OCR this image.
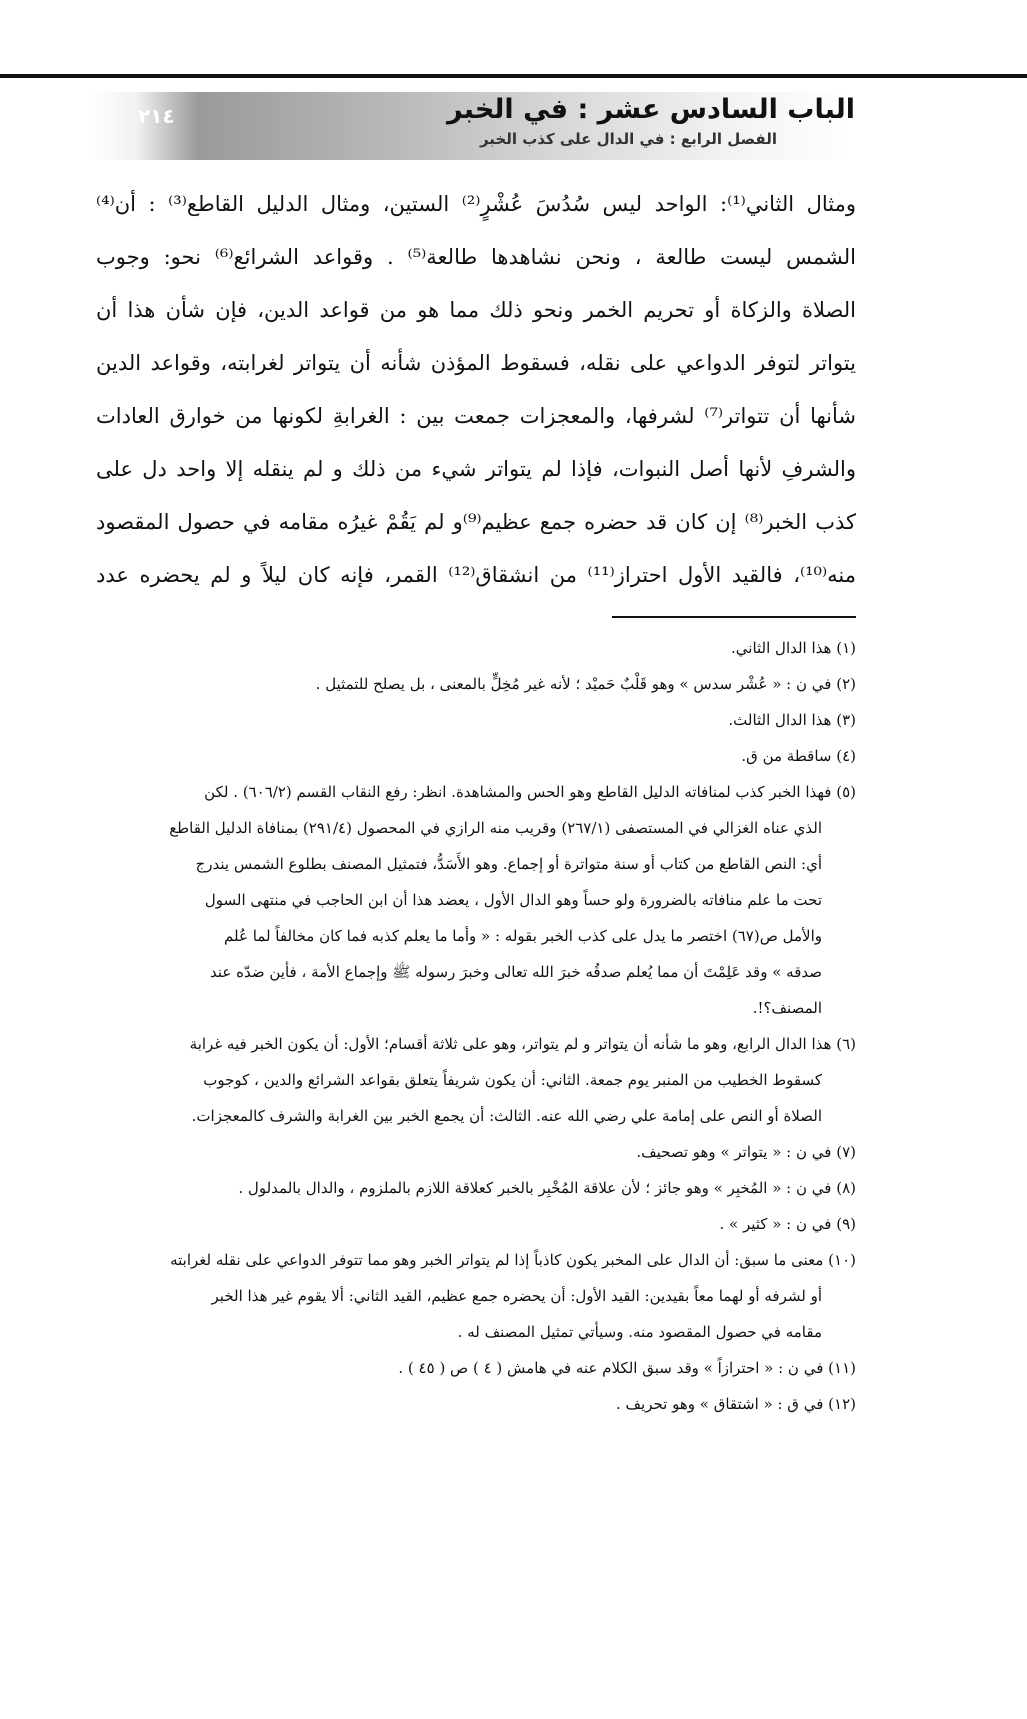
الباب السادس عشر : في الخبر
الفصل الرابع : في الدال على كذب الخبر
٢١٤

ومثال الثاني⁽¹⁾: الواحد ليس سُدُسَ عُشْرٍ⁽²⁾ الستين، ومثال الدليل القاطع⁽³⁾ : أن⁽⁴⁾

الشمس ليست طالعة ، ونحن نشاهدها طالعة⁽⁵⁾ . وقواعد الشرائع⁽⁶⁾ نحو: وجوب

الصلاة والزكاة أو تحريم الخمر ونحو ذلك مما هو من قواعد الدين، فإن شأن هذا أن

يتواتر لتوفر الدواعي على نقله، فسقوط المؤذن شأنه أن يتواتر لغرابته، وقواعد الدين

شأنها أن تتواتر⁽⁷⁾ لشرفها، والمعجزات جمعت بين : الغرابةِ لكونها من خوارق العادات

والشرفِ لأنها أصل النبوات، فإذا لم يتواتر شيء من ذلك و لم ينقله إلا واحد دل على

كذب الخبر⁽⁸⁾ إن كان قد حضره جمع عظيم⁽⁹⁾و لم يَقُمْ غيرُه مقامه في حصول المقصود

منه⁽¹⁰⁾، فالقيد الأول احتراز⁽¹¹⁾ من انشقاق⁽¹²⁾ القمر، فإنه كان ليلاً و لم يحضره عدد

(١) هذا الدال الثاني.

(٢) في ن : « عُشْر سدس » وهو قَلْبٌ حَميْد ؛ لأنه غير مُخِلٍّ بالمعنى ، بل يصلح للتمثيل .

(٣) هذا الدال الثالث.

(٤) ساقطة من ق.

(٥) فهذا الخبر كذب لمنافاته الدليل القاطع وهو الحس والمشاهدة. انظر: رفع النقاب القسم (٦٠٦/٢) . لكن

الذي عناه الغزالي في المستصفى (٢٦٧/١) وقريب منه الرازي في المحصول (٢٩١/٤) بمنافاة الدليل القاطع

أي: النص القاطع من كتاب أو سنة متواترة أو إجماع. وهو الأَسَدُّ، فتمثيل المصنف بطلوع الشمس يندرج

تحت ما علم منافاته بالضرورة ولو حساً وهو الدال الأول ، يعضد هذا أن ابن الحاجب في منتهى السول

والأمل ص(٦٧) اختصر ما يدل على كذب الخبر بقوله : « وأما ما يعلم كذبه فما كان مخالفاً لما عُلم

صدقه » وقد عَلِمْتَ أن مما يُعلم صدقُه خبرَ الله تعالى وخبرَ رسوله ﷺ وإجماع الأمة ، فأين ضدّه عند

المصنف؟!.

(٦) هذا الدال الرابع، وهو ما شأنه أن يتواتر و لم يتواتر، وهو على ثلاثة أقسام؛ الأول: أن يكون الخبر فيه غرابة

كسقوط الخطيب من المنبر يوم جمعة. الثاني: أن يكون شريفاً يتعلق بقواعد الشرائع والدين ، كوجوب

الصلاة أو النص على إمامة علي رضي الله عنه. الثالث: أن يجمع الخبر بين الغرابة والشرف كالمعجزات.

(٧) في ن : « يتواتر » وهو تصحيف.

(٨) في ن : « المُخبِر » وهو جائز ؛ لأن علاقة المُخْبِر بالخبر كعلاقة اللازم بالملزوم ، والدال بالمدلول .

(٩) في ن : « كثير » .

(١٠) معنى ما سبق: أن الدال على المخبر يكون كاذباً إذا لم يتواتر الخبر وهو مما تتوفر الدواعي على نقله لغرابته

أو لشرفه أو لهما معاً بقيدين: القيد الأول: أن يحضره جمع عظيم، القيد الثاني: ألا يقوم غير هذا الخبر

مقامه في حصول المقصود منه. وسيأتي تمثيل المصنف له .

(١١) في ن : « احترازاً » وقد سبق الكلام عنه في هامش ( ٤ ) ص ( ٤٥ ) .

(١٢) في ق : « اشتقاق » وهو تحريف .
